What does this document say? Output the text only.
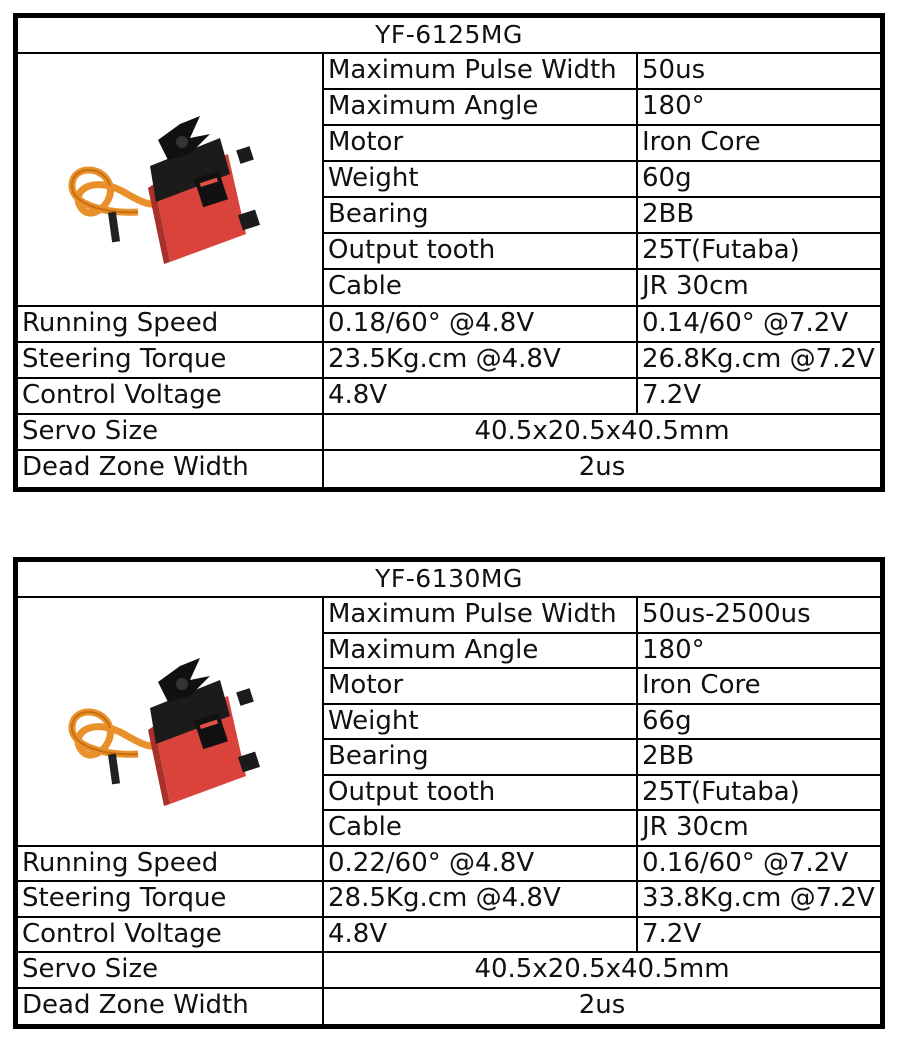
YF-6125MG
Maximum Pulse Width 50us
Maximum Angle	180°
Motor	Iron Core
Weight	60g
Bearing	2BB
Output tooth	25T(Futaba)
Cable	JR 30cm
Running Speed	0.18/60° @4.8V	0.14/60° @7.2V
Steering Torque	23.5Kg.cm @4.8V	26.8Kg.cm @7.2V
Control Voltage	4.8V	7.2V
Servo Size	40.5x20.5x40.5mm
Dead Zone Width	2us
YF-6130MG
Maximum Pulse Width 50us-2500us
Maximum Angle	180°
Motor	Iron Core
Weight	66g
Bearing	2BB
Output tooth	25T(Futaba)
Cable	JR 30cm
Running Speed	0.22/60° @4.8V	0.16/60° @7.2V
Steering Torque	28.5Kg.cm @4.8V	33.8Kg.cm @7.2V
Control Voltage	4.8V	7.2V
Servo Size	40.5x20.5x40.5mm
Dead Zone Width	2us
